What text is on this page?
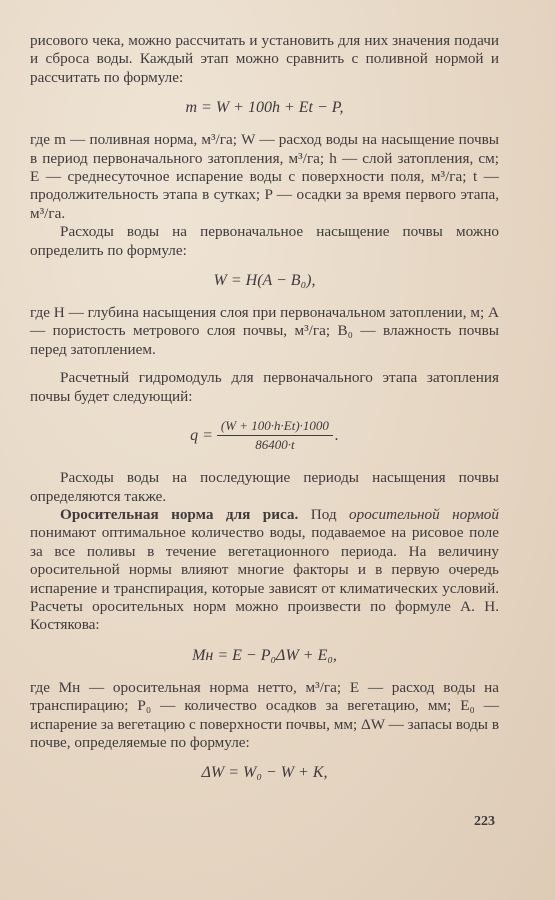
рисового чека, можно рассчитать и установить для них значения подачи и сброса воды. Каждый этап можно сравнить с поливной нормой и рассчитать по формуле:

m = W + 100h + Et − P,

где m — поливная норма, м³/га; W — расход воды на насыщение почвы в период первоначального затопления, м³/га; h — слой затопления, см; E — среднесуточное испарение воды с поверхности поля, м³/га; t — продолжительность этапа в сутках; P — осадки за время первого этапа, м³/га.

Расходы воды на первоначальное насыщение почвы можно определить по формуле:

W = H(A − B₀),

где H — глубина насыщения слоя при первоначальном затоплении, м; A — пористость метрового слоя почвы, м³/га; B₀ — влажность почвы перед затоплением.

Расчетный гидромодуль для первоначального этапа затопления почвы будет следующий:

$q = \frac{(W + 100\cdot h\cdot Et)\cdot 1000}{86400\cdot t}$ .

Расходы воды на последующие периоды насыщения почвы определяются также.

Оросительная норма для риса. Под оросительной нормой понимают оптимальное количество воды, подаваемое на рисовое поле за все поливы в течение вегетационного периода. На величину оросительной нормы влияют многие факторы и в первую очередь испарение и транспирация, которые зависят от климатических условий. Расчеты оросительных норм можно произвести по формуле А. Н. Костякова:

Mн = E − P₀ΔW + E₀,

где Mн — оросительная норма нетто, м³/га; E — расход воды на транспирацию; P₀ — количество осадков за вегетацию, мм; E₀ — испарение за вегетацию с поверхности почвы, мм; ΔW — запасы воды в почве, определяемые по формуле:

ΔW = W₀ − W + K,
223
